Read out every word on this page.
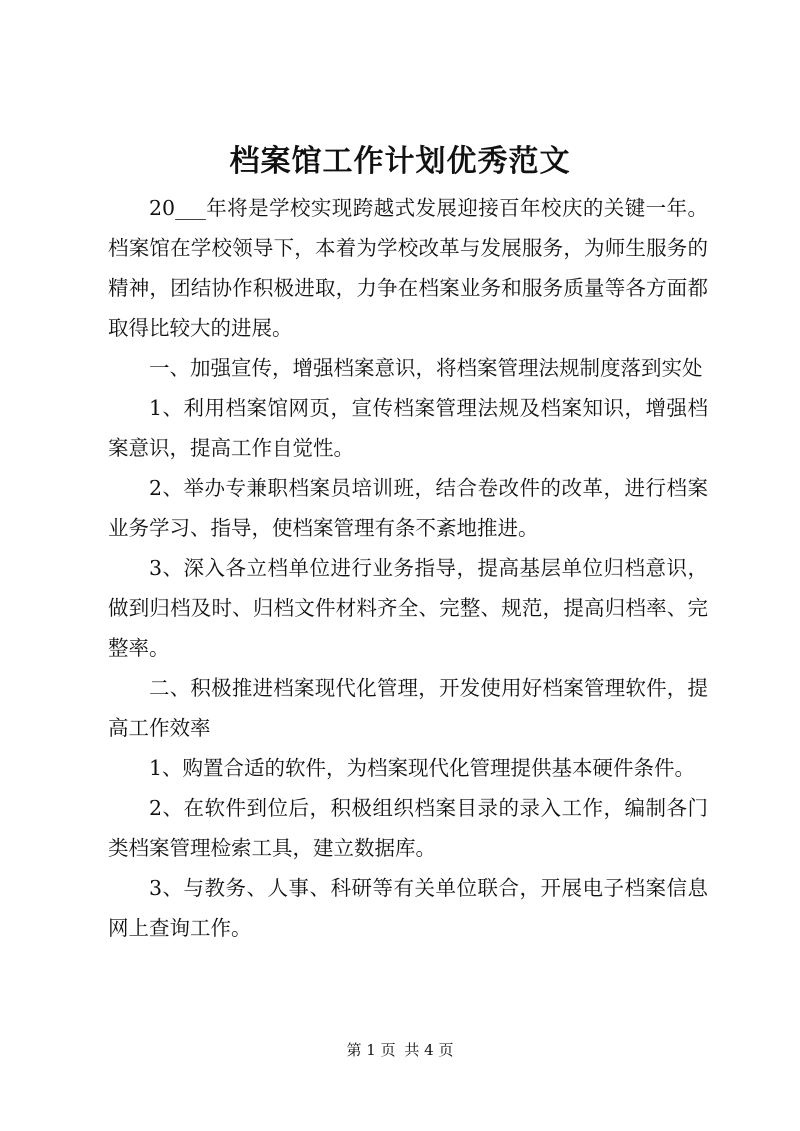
档案馆工作计划优秀范文

20___年将是学校实现跨越式发展迎接百年校庆的关键一年。档案馆在学校领导下，本着为学校改革与发展服务，为师生服务的精神，团结协作积极进取，力争在档案业务和服务质量等各方面都取得比较大的进展。

一、加强宣传，增强档案意识，将档案管理法规制度落到实处

1、利用档案馆网页，宣传档案管理法规及档案知识，增强档案意识，提高工作自觉性。

2、举办专兼职档案员培训班，结合卷改件的改革，进行档案业务学习、指导，使档案管理有条不紊地推进。

3、深入各立档单位进行业务指导，提高基层单位归档意识，做到归档及时、归档文件材料齐全、完整、规范，提高归档率、完整率。

二、积极推进档案现代化管理，开发使用好档案管理软件，提高工作效率

1、购置合适的软件，为档案现代化管理提供基本硬件条件。

2、在软件到位后，积极组织档案目录的录入工作，编制各门类档案管理检索工具，建立数据库。

3、与教务、人事、科研等有关单位联合，开展电子档案信息网上查询工作。

第 1 页 共 4 页
